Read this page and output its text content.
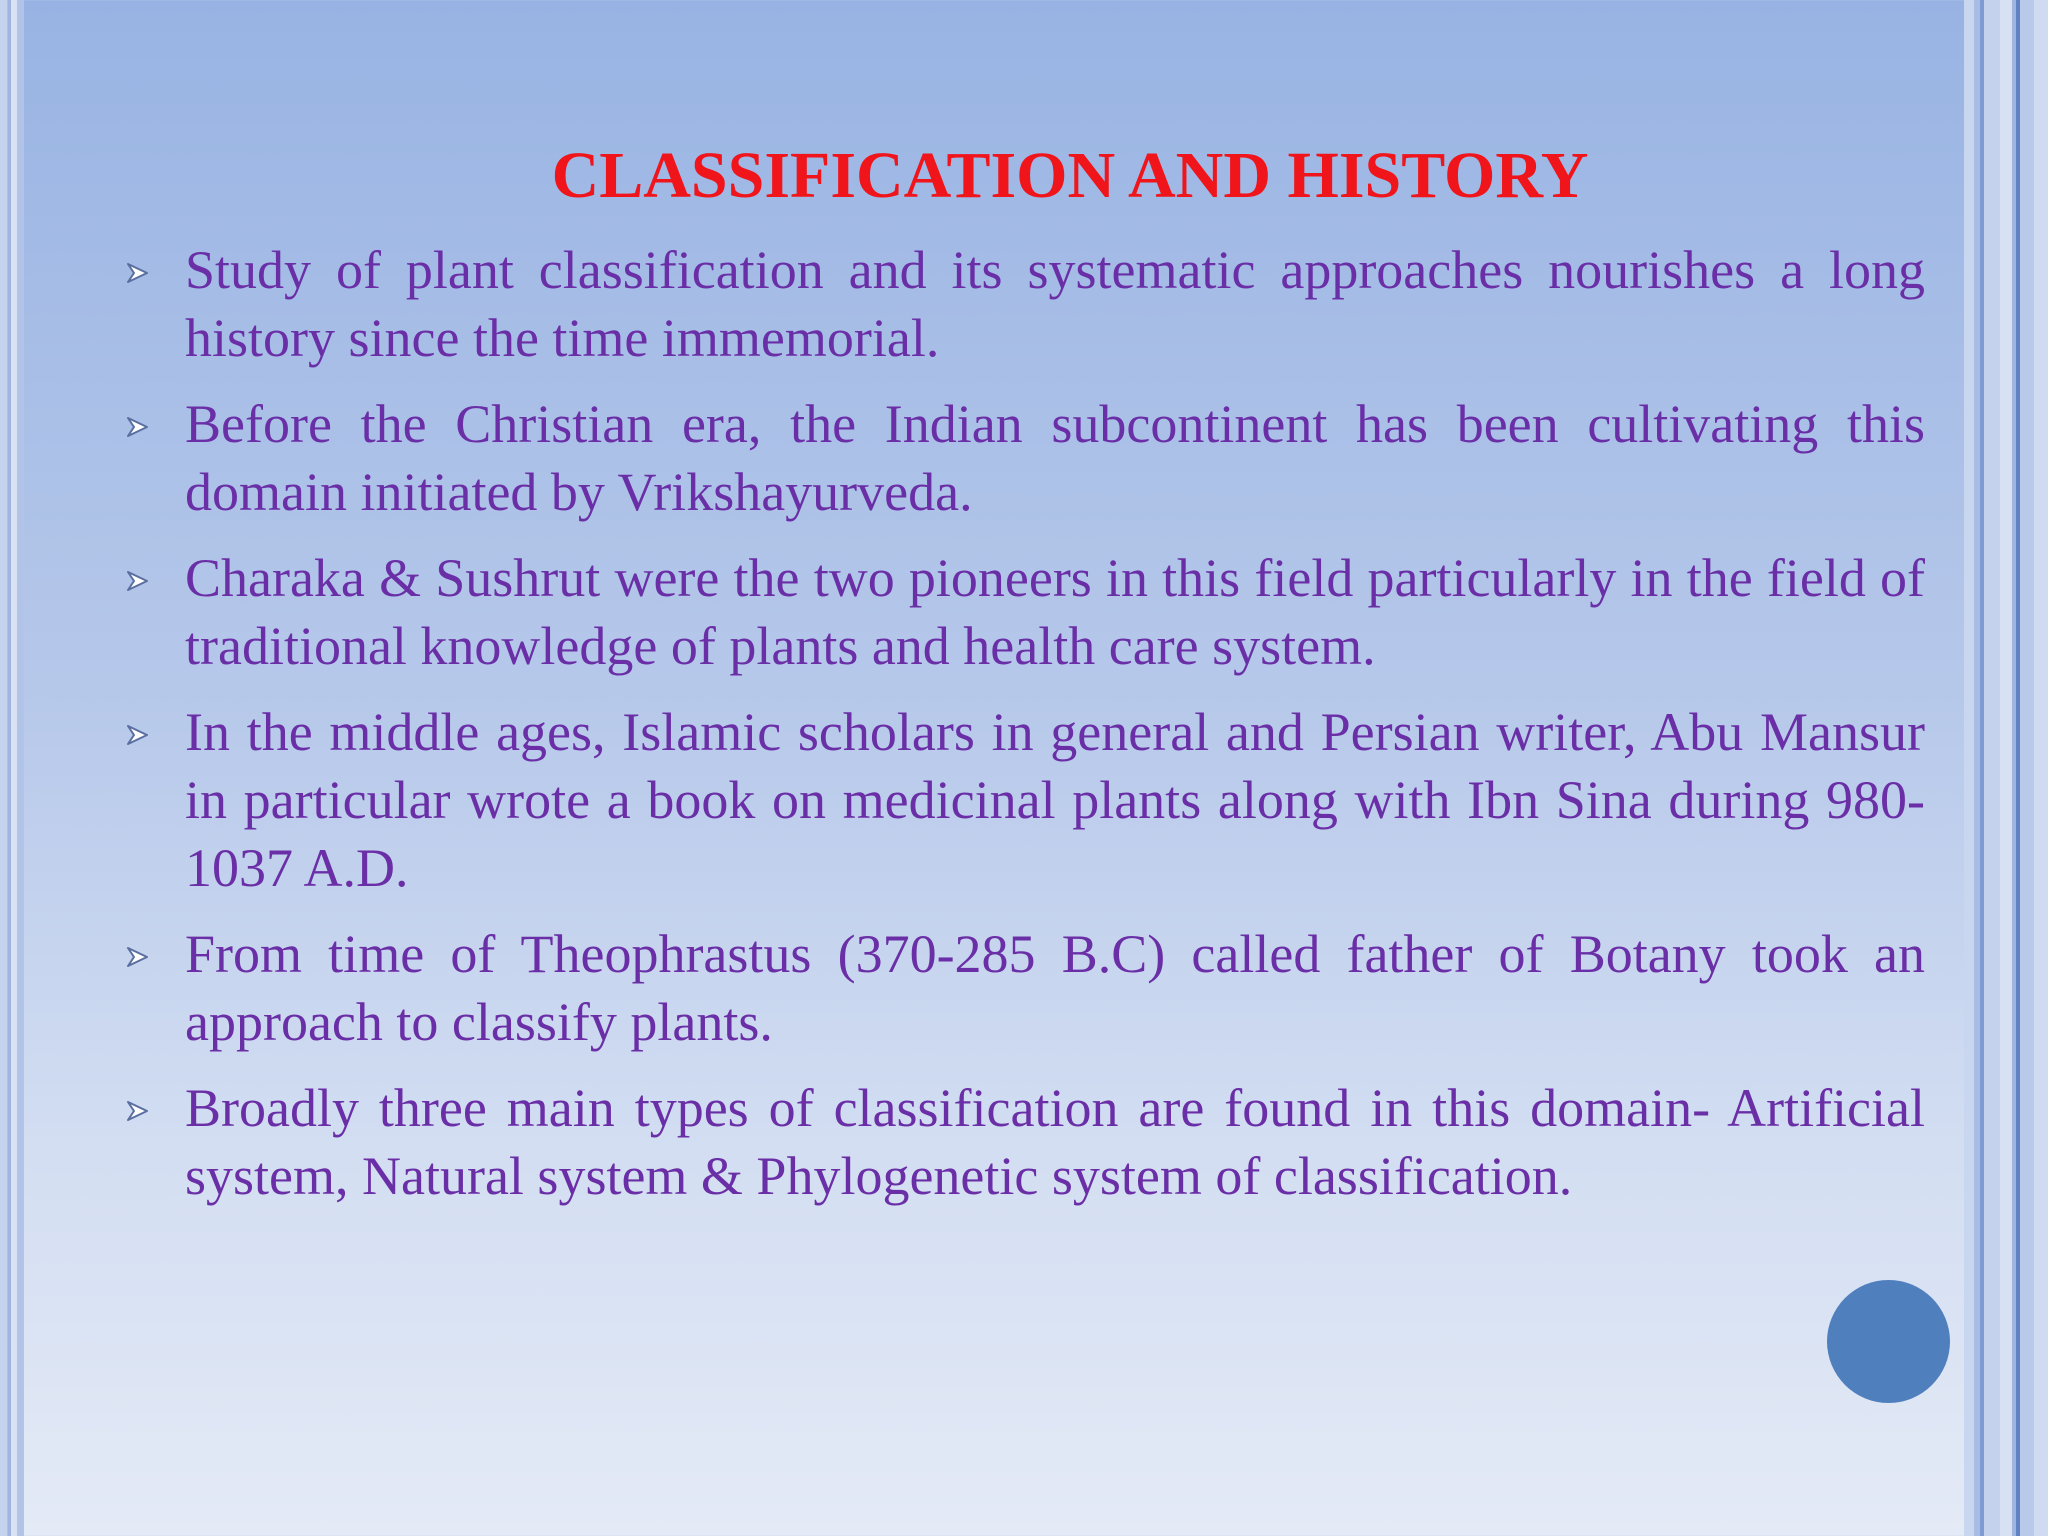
CLASSIFICATION AND HISTORY
Study of plant classification and its systematic approaches nourishes a long history since the time immemorial.
Before the Christian era, the Indian subcontinent has been cultivating this domain initiated by Vrikshayurveda.
Charaka & Sushrut were the two pioneers in this field particularly in the field of traditional knowledge of plants and health care system.
In the middle ages, Islamic scholars in general and Persian writer, Abu Mansur in particular wrote a book on medicinal plants along with Ibn Sina during 980-1037 A.D.
From time of Theophrastus (370-285 B.C) called father of Botany took an approach to classify plants.
Broadly three main types of classification are found in this domain- Artificial system, Natural system & Phylogenetic system of classification.
